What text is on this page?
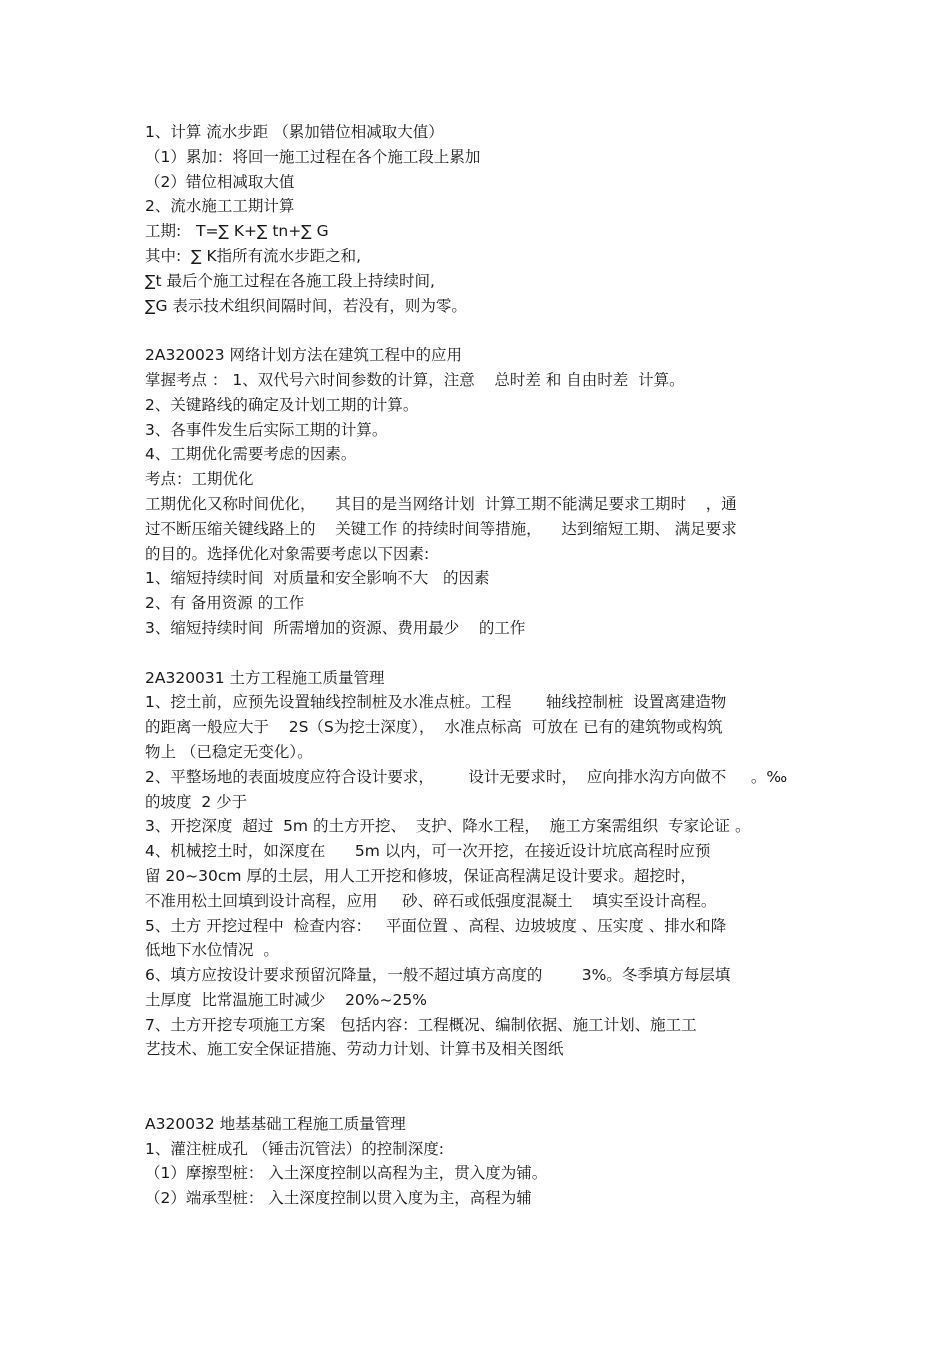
1、计算 流水步距 （累加错位相减取大值）
（1）累加：将回一施工过程在各个施工段上累加
（2）错位相减取大值
2、流水施工工期计算
工期:   T=∑ K+∑ tn+∑ G
其中:  ∑ K指所有流水步距之和,
∑t 最后个施工过程在各施工段上持续时间,
∑G 表示技术组织间隔时间，若没有，则为零。
2A320023 网络计划方法在建筑工程中的应用
掌握考点 ： 1、双代号六时间参数的计算，注意    总时差 和 自由时差  计算。
2、关键路线的确定及计划工期的计算。
3、各事件发生后实际工期的计算。
4、工期优化需要考虑的因素。
考点：工期优化
工期优化又称时间优化，    其目的是当网络计划  计算工期不能满足要求工期时    ，通
过不断压缩关键线路上的    关键工作 的持续时间等措施，    达到缩短工期、 满足要求
的目的。选择优化对象需要考虑以下因素:
1、缩短持续时间  对质量和安全影响不大   的因素
2、有 备用资源 的工作
3、缩短持续时间  所需增加的资源、费用最少    的工作
2A320031 土方工程施工质量管理
1、挖土前，应预先设置轴线控制桩及水准点桩。工程       轴线控制桩  设置离建造物
的距离一般应大于    2S（S为挖士深度），  水准点标高  可放在 已有的建筑物或构筑
物上 （已稳定无变化）。
2、平整场地的表面坡度应符合设计要求，       设计无要求时，  应向排水沟方向做不     。‰
的坡度  2 少于
3、开挖深度  超过  5m 的土方开挖、  支护、降水工程，  施工方案需组织  专家论证 。
4、机械挖土时，如深度在      5m 以内，可一次开挖，在接近设计坑底高程时应预
留 20~30cm 厚的土层，用人工开挖和修坡，保证高程满足设计要求。超挖时，
不准用松土回填到设计高程，应用     砂、碎石或低强度混凝土    填实至设计高程。
5、土方 开挖过程中  检查内容：   平面位置 、高程、边坡坡度 、压实度 、排水和降
低地下水位情况  。
6、填方应按设计要求预留沉降量，一般不超过填方高度的        3%。冬季填方每层填
土厚度  比常温施工时减少    20%~25%
7、土方开挖专项施工方案   包括内容：工程概况、编制依据、施工计划、施工工
艺技术、施工安全保证措施、劳动力计划、计算书及相关图纸
A320032 地基基础工程施工质量管理
1、灌注桩成孔 （锤击沉管法）的控制深度:
（1）摩擦型桩： 入土深度控制以高程为主，贯入度为铺。
（2）端承型桩： 入土深度控制以贯入度为主，高程为辅
